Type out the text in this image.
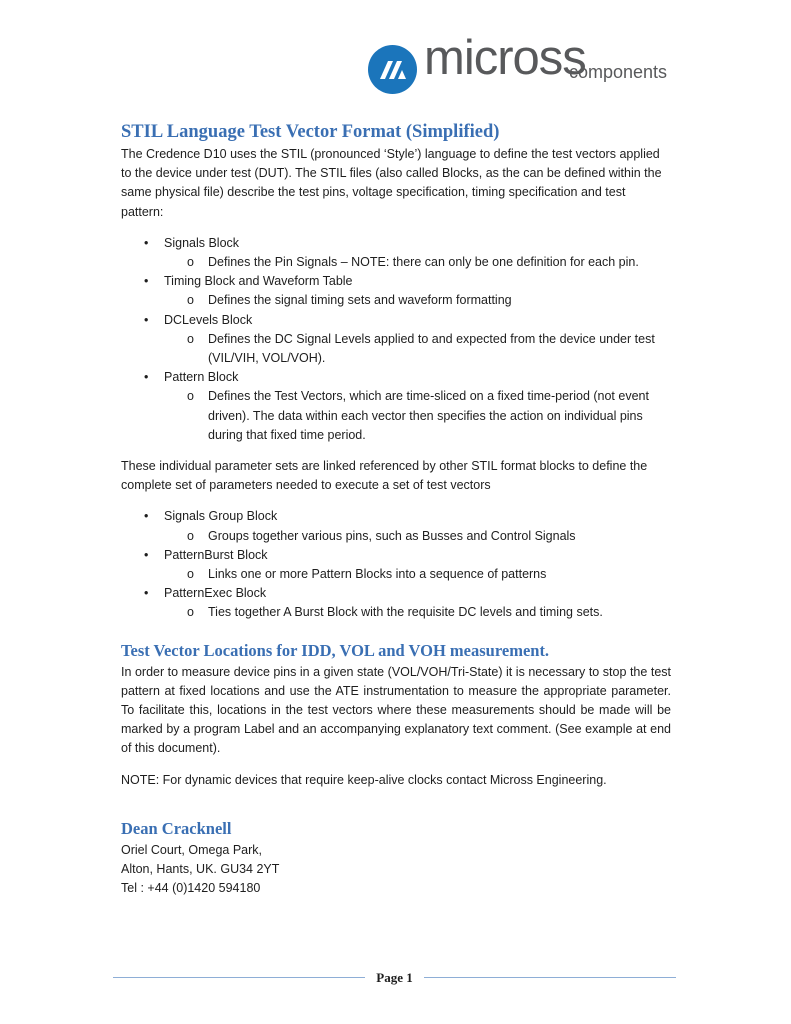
micross
components
STIL Language Test Vector Format (Simplified)

The Credence D10 uses the STIL (pronounced ‘Style’) language to define the test vectors applied to the device under test (DUT). The STIL files (also called Blocks, as the can be defined within the same physical file) describe the test pins, voltage specification, timing specification and test pattern:

• Signals Block
o Defines the Pin Signals – NOTE: there can only be one definition for each pin.
• Timing Block and Waveform Table
o Defines the signal timing sets and waveform formatting
• DCLevels Block
o Defines the DC Signal Levels applied to and expected from the device under test (VIL/VIH, VOL/VOH).
• Pattern Block
o Defines the Test Vectors, which are time-sliced on a fixed time-period (not event driven). The data within each vector then specifies the action on individual pins during that fixed time period.

These individual parameter sets are linked referenced by other STIL format blocks to define the complete set of parameters needed to execute a set of test vectors

• Signals Group Block
o Groups together various pins, such as Busses and Control Signals
• PatternBurst Block
o Links one or more Pattern Blocks into a sequence of patterns
• PatternExec Block
o Ties together A Burst Block with the requisite DC levels and timing sets.
Test Vector Locations for IDD, VOL and VOH measurement.

In order to measure device pins in a given state (VOL/VOH/Tri-State) it is necessary to stop the test pattern at fixed locations and use the ATE instrumentation to measure the appropriate parameter. To facilitate this, locations in the test vectors where these measurements should be made will be marked by a program Label and an accompanying explanatory text comment. (See example at end of this document).

NOTE: For dynamic devices that require keep-alive clocks contact Micross Engineering.

Dean Cracknell

Oriel Court, Omega Park,

Alton, Hants, UK. GU34 2YT

Tel : +44 (0)1420 594180

Page 1
